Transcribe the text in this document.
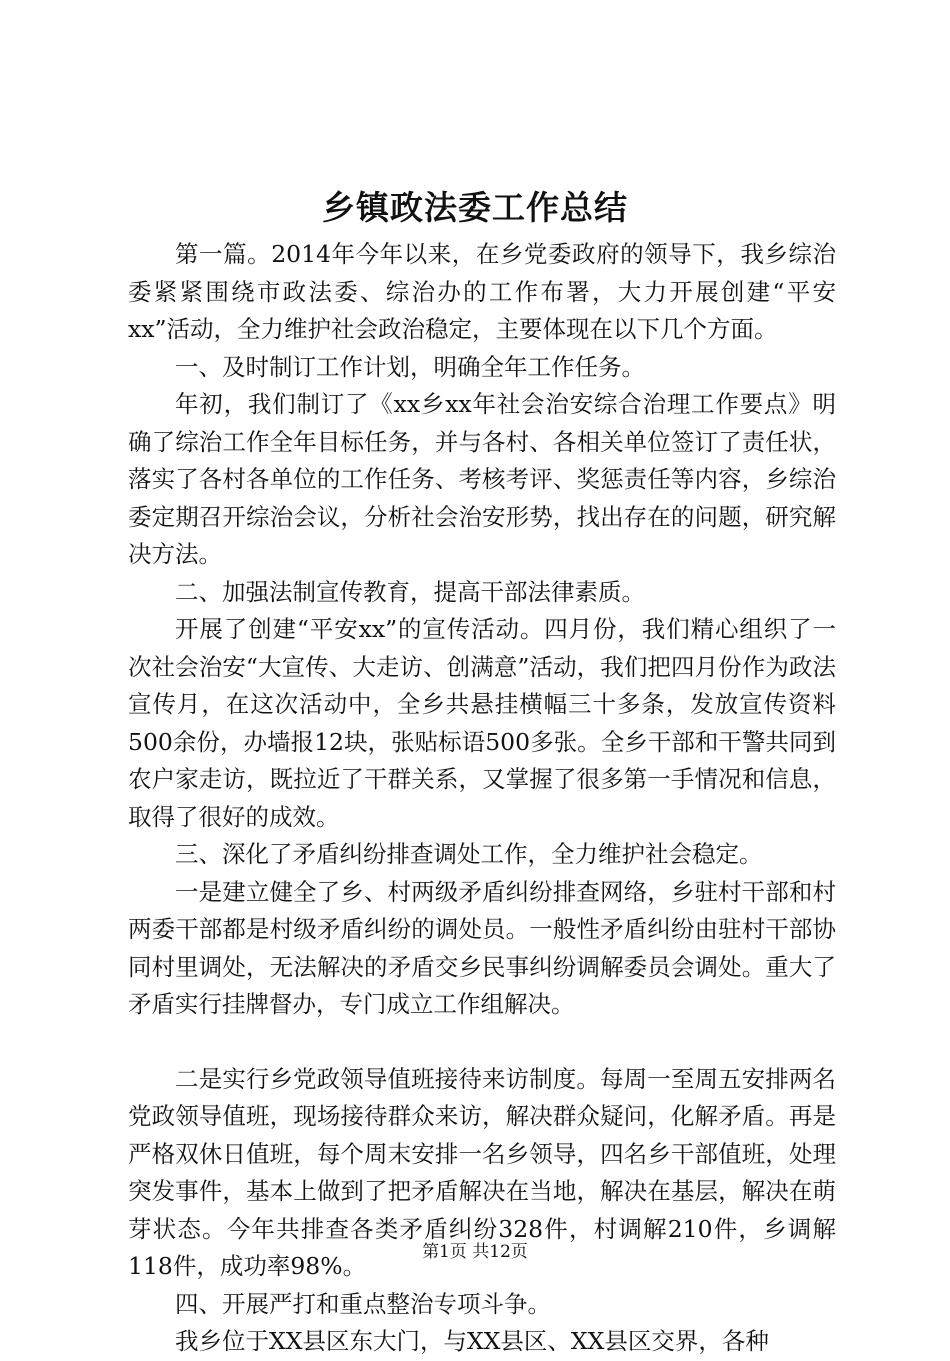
乡镇政法委工作总结

第一篇。2014年今年以来，在乡党委政府的领导下，我乡综治委紧紧围绕市政法委、综治办的工作布署，大力开展创建“平安xx”活动，全力维护社会政治稳定，主要体现在以下几个方面。

一、及时制订工作计划，明确全年工作任务。

年初，我们制订了《xx乡xx年社会治安综合治理工作要点》明确了综治工作全年目标任务，并与各村、各相关单位签订了责任状，落实了各村各单位的工作任务、考核考评、奖惩责任等内容，乡综治委定期召开综治会议，分析社会治安形势，找出存在的问题，研究解决方法。

二、加强法制宣传教育，提高干部法律素质。

开展了创建“平安xx”的宣传活动。四月份，我们精心组织了一次社会治安“大宣传、大走访、创满意”活动，我们把四月份作为政法宣传月，在这次活动中，全乡共悬挂横幅三十多条，发放宣传资料500余份，办墙报12块，张贴标语500多张。全乡干部和干警共同到农户家走访，既拉近了干群关系，又掌握了很多第一手情况和信息，取得了很好的成效。

三、深化了矛盾纠纷排查调处工作，全力维护社会稳定。

一是建立健全了乡、村两级矛盾纠纷排查网络，乡驻村干部和村两委干部都是村级矛盾纠纷的调处员。一般性矛盾纠纷由驻村干部协同村里调处，无法解决的矛盾交乡民事纠纷调解委员会调处。重大了矛盾实行挂牌督办，专门成立工作组解决。

二是实行乡党政领导值班接待来访制度。每周一至周五安排两名党政领导值班，现场接待群众来访，解决群众疑问，化解矛盾。再是严格双休日值班，每个周末安排一名乡领导，四名乡干部值班，处理突发事件，基本上做到了把矛盾解决在当地，解决在基层，解决在萌芽状态。今年共排查各类矛盾纠纷328件，村调解210件，乡调解118件，成功率98%。

四、开展严打和重点整治专项斗争。

我乡位于XX县区东大门，与XX县区、XX县区交界，各种

第1页 共12页
